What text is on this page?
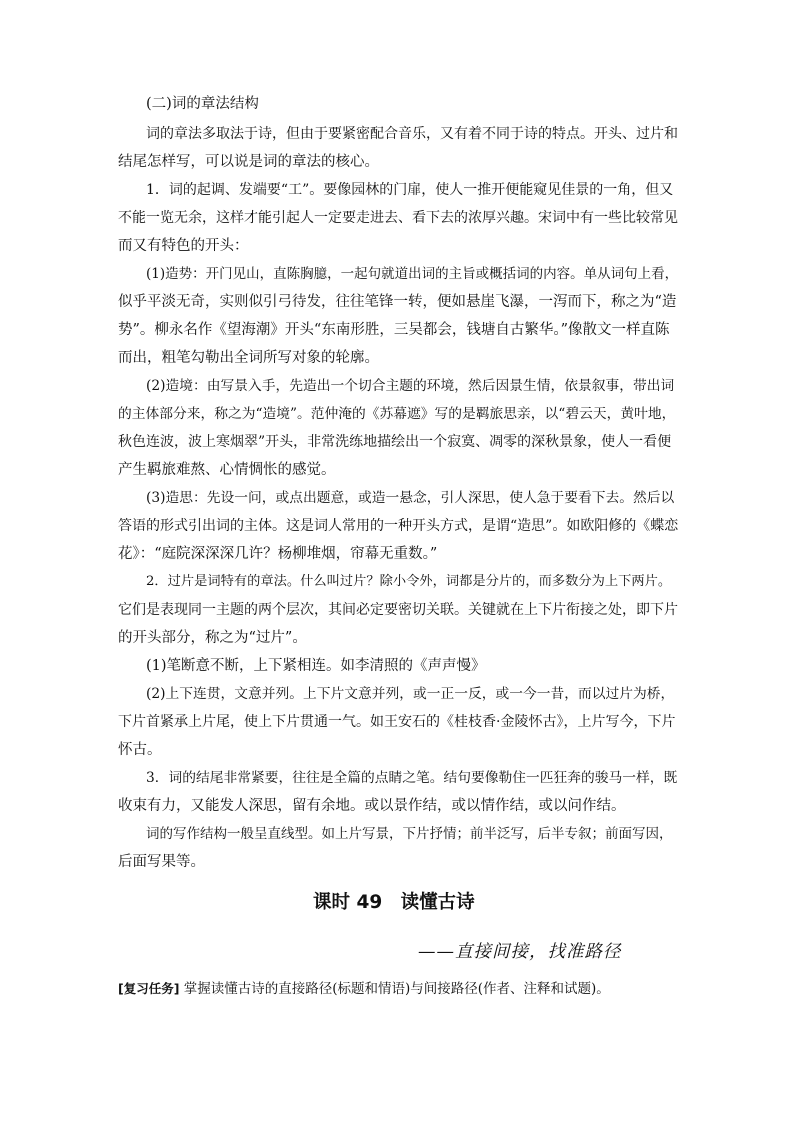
(二)词的章法结构
词的章法多取法于诗，但由于要紧密配合音乐，又有着不同于诗的特点。开头、过片和
结尾怎样写，可以说是词的章法的核心。
1．词的起调、发端要“工”。要像园林的门扉，使人一推开便能窥见佳景的一角，但又
不能一览无余，这样才能引起人一定要走进去、看下去的浓厚兴趣。宋词中有一些比较常见
而又有特色的开头：
(1)造势：开门见山，直陈胸臆，一起句就道出词的主旨或概括词的内容。单从词句上看，
似乎平淡无奇，实则似引弓待发，往往笔锋一转，便如悬崖飞瀑，一泻而下，称之为“造
势”。柳永名作《望海潮》开头“东南形胜，三吴都会，钱塘自古繁华。”像散文一样直陈
而出，粗笔勾勒出全词所写对象的轮廓。
(2)造境：由写景入手，先造出一个切合主题的环境，然后因景生情，依景叙事，带出词
的主体部分来，称之为“造境”。范仲淹的《苏幕遮》写的是羁旅思亲，以“碧云天，黄叶地，
秋色连波，波上寒烟翠”开头，非常洗练地描绘出一个寂寞、凋零的深秋景象，使人一看便
产生羁旅难熬、心情惆怅的感觉。
(3)造思：先设一问，或点出题意，或造一悬念，引人深思，使人急于要看下去。然后以
答语的形式引出词的主体。这是词人常用的一种开头方式，是谓“造思”。如欧阳修的《蝶恋
花》：“庭院深深深几许？杨柳堆烟，帘幕无重数。”
2．过片是词特有的章法。什么叫过片？除小令外，词都是分片的，而多数分为上下两片。
它们是表现同一主题的两个层次，其间必定要密切关联。关键就在上下片衔接之处，即下片
的开头部分，称之为“过片”。
(1)笔断意不断，上下紧相连。如李清照的《声声慢》
(2)上下连贯，文意并列。上下片文意并列，或一正一反，或一今一昔，而以过片为桥，
下片首紧承上片尾，使上下片贯通一气。如王安石的《桂枝香·金陵怀古》，上片写今，下片
怀古。
3．词的结尾非常紧要，往往是全篇的点睛之笔。结句要像勒住一匹狂奔的骏马一样，既
收束有力，又能发人深思，留有余地。或以景作结，或以情作结，或以问作结。
词的写作结构一般呈直线型。如上片写景，下片抒情；前半泛写，后半专叙；前面写因，
后面写果等。
课时 49　读懂古诗
——直接间接，找准路径
[复习任务] 掌握读懂古诗的直接路径(标题和情语)与间接路径(作者、注释和试题)。
